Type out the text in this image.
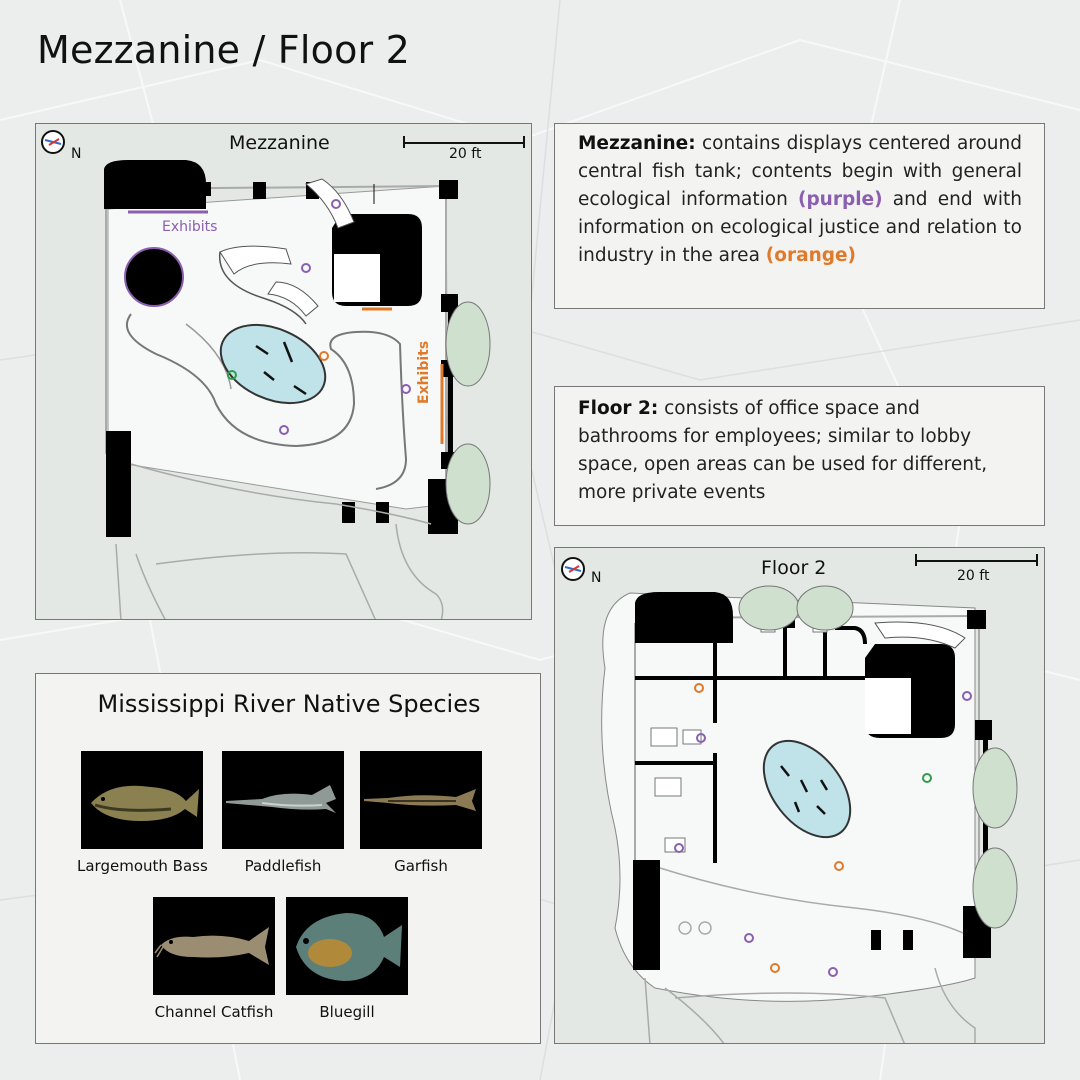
Mezzanine / Floor 2
N	Mezzanine	20 ft
Exhibits
Exhibits

Mezzanine: contains displays centered around central fish tank; contents begin with general ecological information (purple) and end with information on ecological justice and relation to industry in the area (orange)

Floor 2: consists of office space and bathrooms for employees; similar to lobby space, open areas can be used for different, more private events

N	Floor 2	20 ft
Mississippi River Native Species
Largemouth Bass	Paddlefish	Garfish
Channel Catfish	Bluegill
